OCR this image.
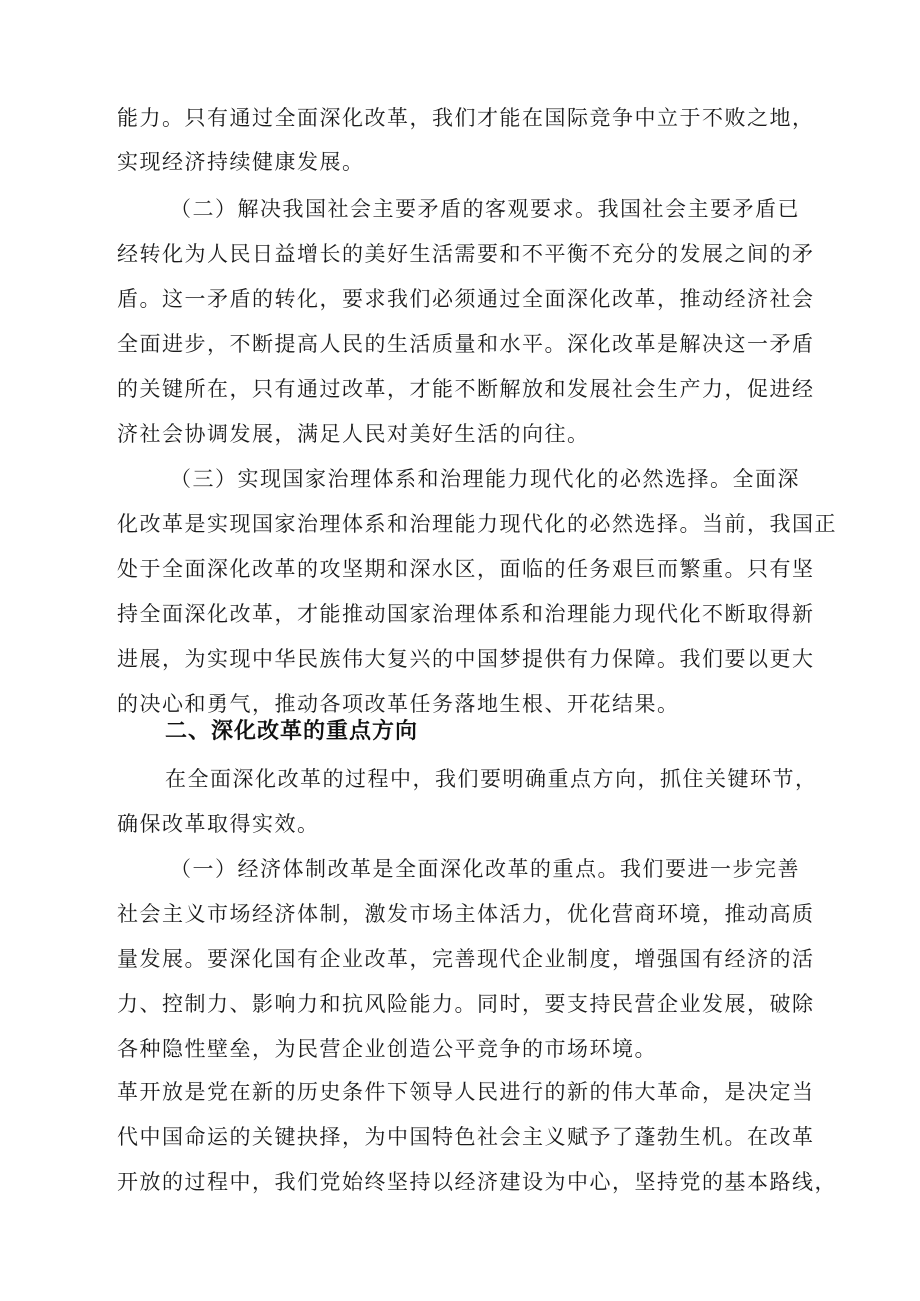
能力。只有通过全面深化改革，我们才能在国际竞争中立于不败之地，
实现经济持续健康发展。
（二）解决我国社会主要矛盾的客观要求。我国社会主要矛盾已
经转化为人民日益增长的美好生活需要和不平衡不充分的发展之间的矛
盾。这一矛盾的转化，要求我们必须通过全面深化改革，推动经济社会
全面进步，不断提高人民的生活质量和水平。深化改革是解决这一矛盾
的关键所在，只有通过改革，才能不断解放和发展社会生产力，促进经
济社会协调发展，满足人民对美好生活的向往。
（三）实现国家治理体系和治理能力现代化的必然选择。全面深
化改革是实现国家治理体系和治理能力现代化的必然选择。当前，我国正
处于全面深化改革的攻坚期和深水区，面临的任务艰巨而繁重。只有坚
持全面深化改革，才能推动国家治理体系和治理能力现代化不断取得新
进展，为实现中华民族伟大复兴的中国梦提供有力保障。我们要以更大
的决心和勇气，推动各项改革任务落地生根、开花结果。
二、深化改革的重点方向
在全面深化改革的过程中，我们要明确重点方向，抓住关键环节，
确保改革取得实效。
（一）经济体制改革是全面深化改革的重点。我们要进一步完善
社会主义市场经济体制，激发市场主体活力，优化营商环境，推动高质
量发展。要深化国有企业改革，完善现代企业制度，增强国有经济的活
力、控制力、影响力和抗风险能力。同时，要支持民营企业发展，破除
各种隐性壁垒，为民营企业创造公平竞争的市场环境。
革开放是党在新的历史条件下领导人民进行的新的伟大革命，是决定当
代中国命运的关键抉择，为中国特色社会主义赋予了蓬勃生机。在改革
开放的过程中，我们党始终坚持以经济建设为中心，坚持党的基本路线，
